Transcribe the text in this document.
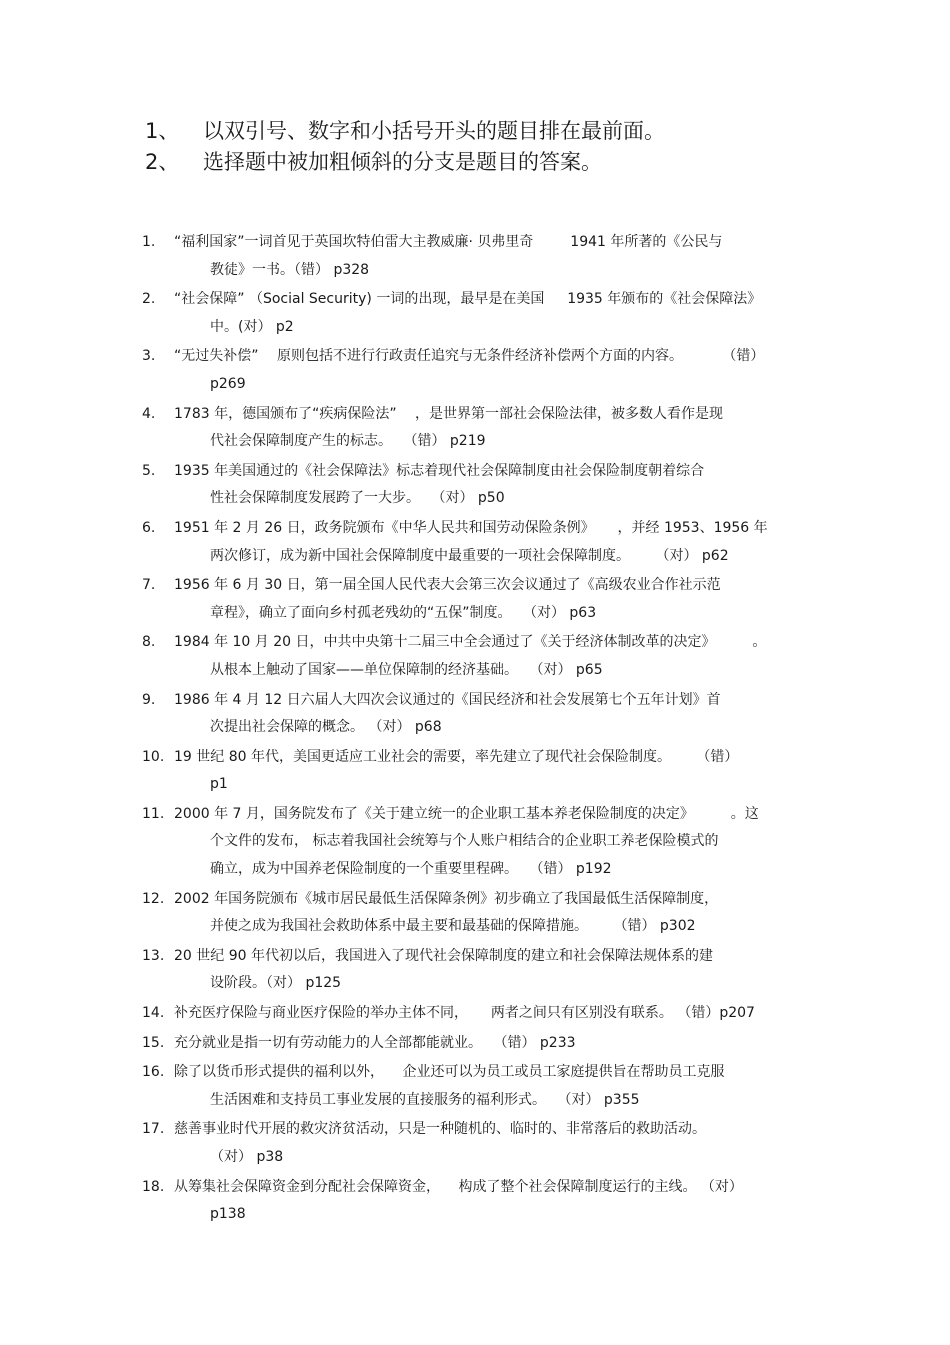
1、	以双引号、数字和小括号开头的题目排在最前面。
2、	选择题中被加粗倾斜的分支是题目的答案。
1.	“福利国家”一词首见于英国坎特伯雷大主教威廉· 贝弗里奇 　　 1941 年所著的《公民与
教徒》一书。（错） p328
2.	“社会保障” （Social Security) 一词的出现，最早是在美国 　 1935 年颁布的《社会保障法》
中。(对） p2
3.	“无过失补偿” 　原则包括不进行行政责任追究与无条件经济补偿两个方面的内容。 　　　（错）
p269
4.	1783 年，德国颁布了“疾病保险法” 　，是世界第一部社会保险法律，被多数人看作是现
代社会保障制度产生的标志。 　（错） p219
5.	1935 年美国通过的《社会保障法》标志着现代社会保障制度由社会保险制度朝着综合
性社会保障制度发展跨了一大步。 　（对） p50
6.	1951 年 2 月 26 日，政务院颁布《中华人民共和国劳动保险条例》 　 ，并经 1953、1956 年
两次修订，成为新中国社会保障制度中最重要的一项社会保障制度。 　　（对） p62
7.	1956 年 6 月 30 日，第一届全国人民代表大会第三次会议通过了《高级农业合作社示范
章程》，确立了面向乡村孤老残幼的“五保”制度。 　（对） p63
8.	1984 年 10 月 20 日，中共中央第十二届三中全会通过了《关于经济体制改革的决定》 　　 。
从根本上触动了国家——单位保障制的经济基础。 　（对） p65
9.	1986 年 4 月 12 日六届人大四次会议通过的《国民经济和社会发展第七个五年计划》首
次提出社会保障的概念。 （对） p68
10. 19 世纪 80 年代，美国更适应工业社会的需要，率先建立了现代社会保险制度。 　　（错）
p1
11. 2000 年 7 月，国务院发布了《关于建立统一的企业职工基本养老保险制度的决定》 　　 。这
个文件的发布， 标志着我国社会统筹与个人账户相结合的企业职工养老保险模式的
确立，成为中国养老保险制度的一个重要里程碑。 　（错） p192
12. 2002 年国务院颁布《城市居民最低生活保障条例》初步确立了我国最低生活保障制度，
并使之成为我国社会救助体系中最主要和最基础的保障措施。 　　（错） p302
13. 20 世纪 90 年代初以后，我国进入了现代社会保障制度的建立和社会保障法规体系的建
设阶段。（对） p125
14. 补充医疗保险与商业医疗保险的举办主体不同， 　 两者之间只有区别没有联系。 （错）p207
15. 充分就业是指一切有劳动能力的人全部都能就业。 　（错） p233
16. 除了以货币形式提供的福利以外， 　企业还可以为员工或员工家庭提供旨在帮助员工克服
生活困难和支持员工事业发展的直接服务的福利形式。 　（对） p355
17. 慈善事业时代开展的救灾济贫活动，只是一种随机的、临时的、非常落后的救助活动。
（对） p38
18. 从筹集社会保障资金到分配社会保障资金， 　构成了整个社会保障制度运行的主线。 （对）
p138
